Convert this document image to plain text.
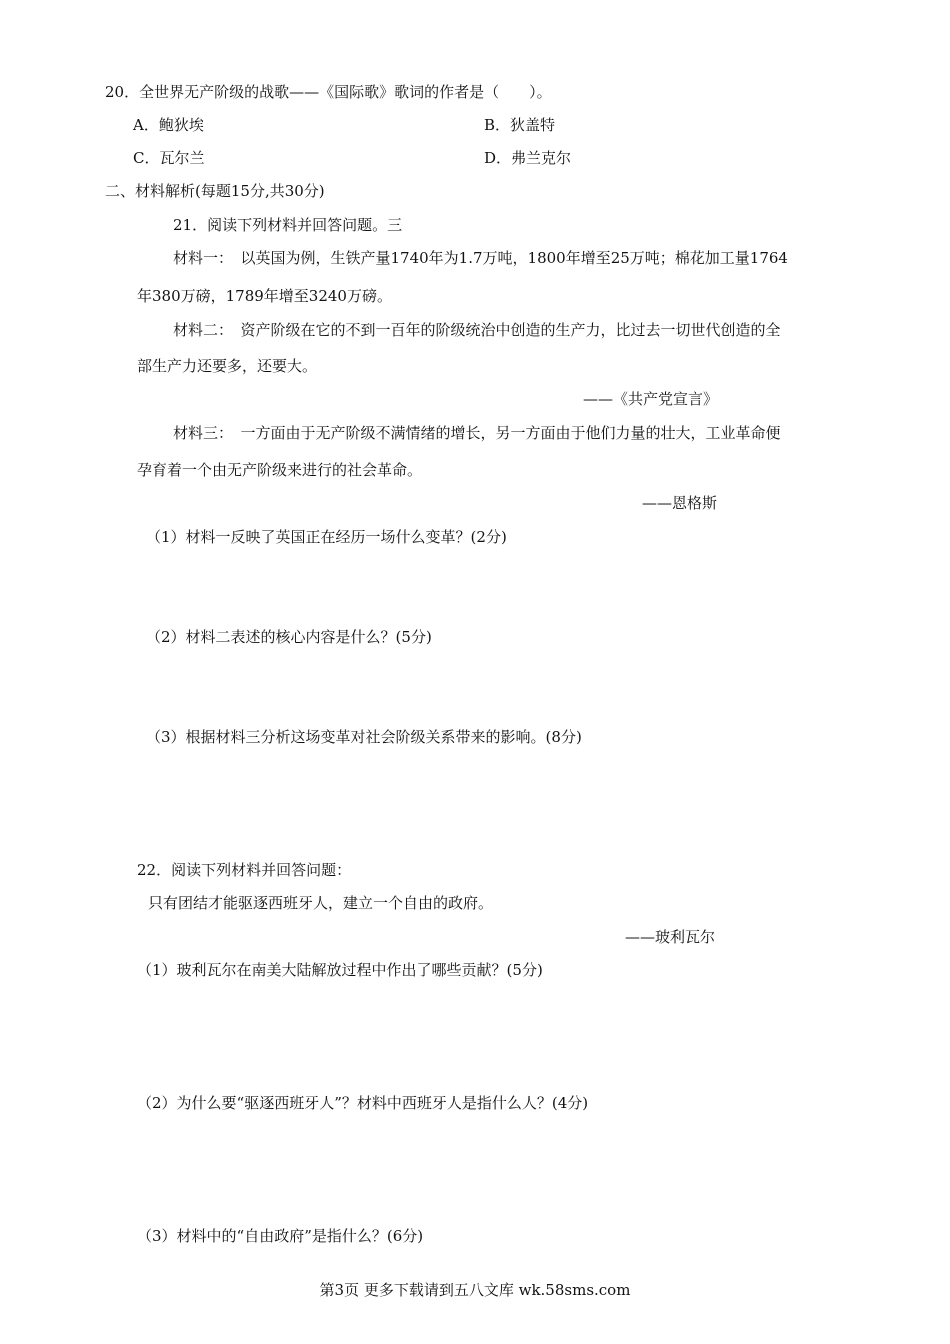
20．全世界无产阶级的战歌——《国际歌》歌词的作者是（　　）。
A．鲍狄埃	B．狄盖特
C．瓦尔兰	D．弗兰克尔
二、材料解析(每题15分,共30分)
21．阅读下列材料并回答问题。三
材料一：　以英国为例，生铁产量1740年为1.7万吨，1800年增至25万吨；棉花加工量1764
年380万磅，1789年增至3240万磅。
材料二：　资产阶级在它的不到一百年的阶级统治中创造的生产力，比过去一切世代创造的全
部生产力还要多，还要大。
——《共产党宣言》
材料三：　一方面由于无产阶级不满情绪的增长，另一方面由于他们力量的壮大，工业革命便
孕育着一个由无产阶级来进行的社会革命。
——恩格斯
（1）材料一反映了英国正在经历一场什么变革？(2分)
（2）材料二表述的核心内容是什么？(5分)
（3）根据材料三分析这场变革对社会阶级关系带来的影响。(8分)
22．阅读下列材料并回答问题：
只有团结才能驱逐西班牙人，建立一个自由的政府。
——玻利瓦尔
（1）玻利瓦尔在南美大陆解放过程中作出了哪些贡献？(5分)
（2）为什么要“驱逐西班牙人”？材料中西班牙人是指什么人？(4分)
（3）材料中的“自由政府”是指什么？(6分)
第3页 更多下载请到五八文库 wk.58sms.com
